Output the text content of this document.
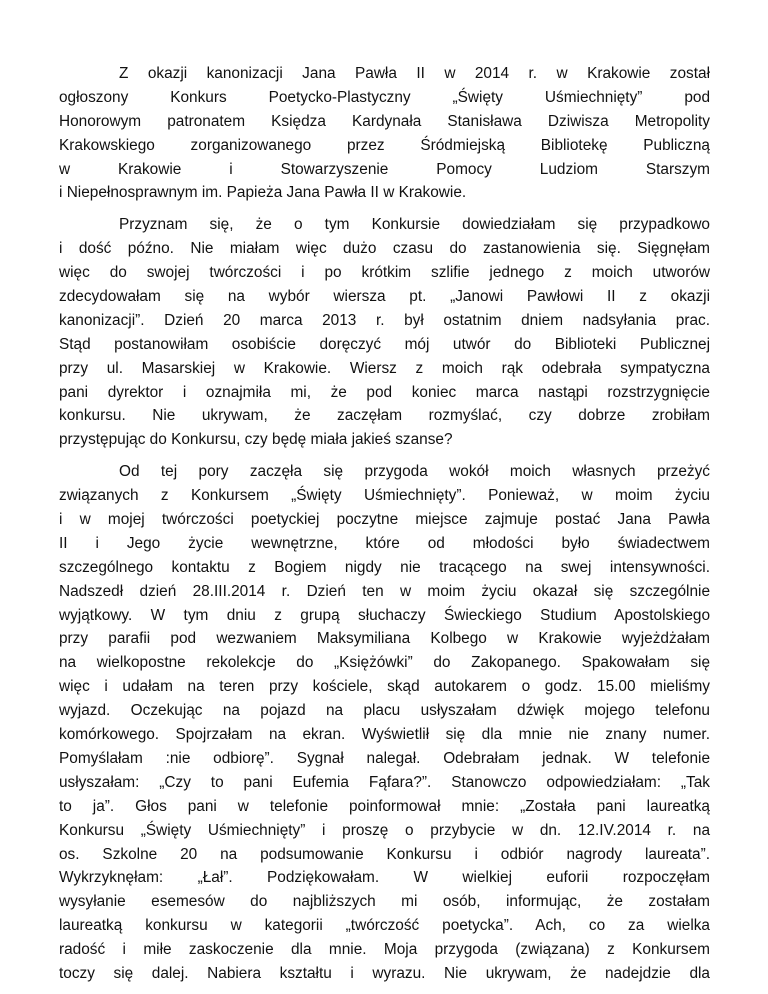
Z okazji kanonizacji Jana Pawła II w 2014 r. w Krakowie został
ogłoszony Konkurs Poetycko-Plastyczny „Święty Uśmiechnięty” pod
Honorowym patronatem Księdza Kardynała Stanisława Dziwisza Metropolity
Krakowskiego zorganizowanego przez Śródmiejską Bibliotekę Publiczną
w Krakowie i Stowarzyszenie Pomocy Ludziom Starszym
i Niepełnosprawnym im. Papieża Jana Pawła II w Krakowie.
Przyznam się, że o tym Konkursie dowiedziałam się przypadkowo
i dość późno. Nie miałam więc dużo czasu do zastanowienia się. Sięgnęłam
więc do swojej twórczości i po krótkim szlifie jednego z moich utworów
zdecydowałam się na wybór wiersza pt. „Janowi Pawłowi II z okazji
kanonizacji”. Dzień 20 marca 2013 r. był ostatnim dniem nadsyłania prac.
Stąd postanowiłam osobiście doręczyć mój utwór do Biblioteki Publicznej
przy ul. Masarskiej w Krakowie. Wiersz z moich rąk odebrała sympatyczna
pani dyrektor i oznajmiła mi, że pod koniec marca nastąpi rozstrzygnięcie
konkursu. Nie ukrywam, że zaczęłam rozmyślać, czy dobrze zrobiłam
przystępując do Konkursu, czy będę miała jakieś szanse?
Od tej pory zaczęła się przygoda wokół moich własnych przeżyć
związanych z Konkursem „Święty Uśmiechnięty”. Ponieważ, w moim życiu
i w mojej twórczości poetyckiej poczytne miejsce zajmuje postać Jana Pawła
II i Jego życie wewnętrzne, które od młodości było świadectwem
szczególnego kontaktu z Bogiem nigdy nie tracącego na swej intensywności.
Nadszedł dzień 28.III.2014 r. Dzień ten w moim życiu okazał się szczególnie
wyjątkowy. W tym dniu z grupą słuchaczy Świeckiego Studium Apostolskiego
przy parafii pod wezwaniem Maksymiliana Kolbego w Krakowie wyjeżdżałam
na wielkopostne rekolekcje do „Księżówki” do Zakopanego. Spakowałam się
więc i udałam na teren przy kościele, skąd autokarem o godz. 15.00 mieliśmy
wyjazd. Oczekując na pojazd na placu usłyszałam dźwięk mojego telefonu
komórkowego. Spojrzałam na ekran. Wyświetlił się dla mnie nie znany numer.
Pomyślałam :nie odbiorę”. Sygnał nalegał. Odebrałam jednak. W telefonie
usłyszałam: „Czy to pani Eufemia Fąfara?”. Stanowczo odpowiedziałam: „Tak
to ja”. Głos pani w telefonie poinformował mnie: „Została pani laureatką
Konkursu „Święty Uśmiechnięty” i proszę o przybycie w dn. 12.IV.2014 r. na
os. Szkolne 20 na podsumowanie Konkursu i odbiór nagrody laureata”.
Wykrzyknęłam: „Łał”. Podziękowałam. W wielkiej euforii rozpoczęłam
wysyłanie esemesów do najbliższych mi osób, informując, że zostałam
laureatką konkursu w kategorii „twórczość poetycka”. Ach, co za wielka
radość i miłe zaskoczenie dla mnie. Moja przygoda (związana) z Konkursem
toczy się dalej. Nabiera kształtu i wyrazu. Nie ukrywam, że nadejdzie dla
